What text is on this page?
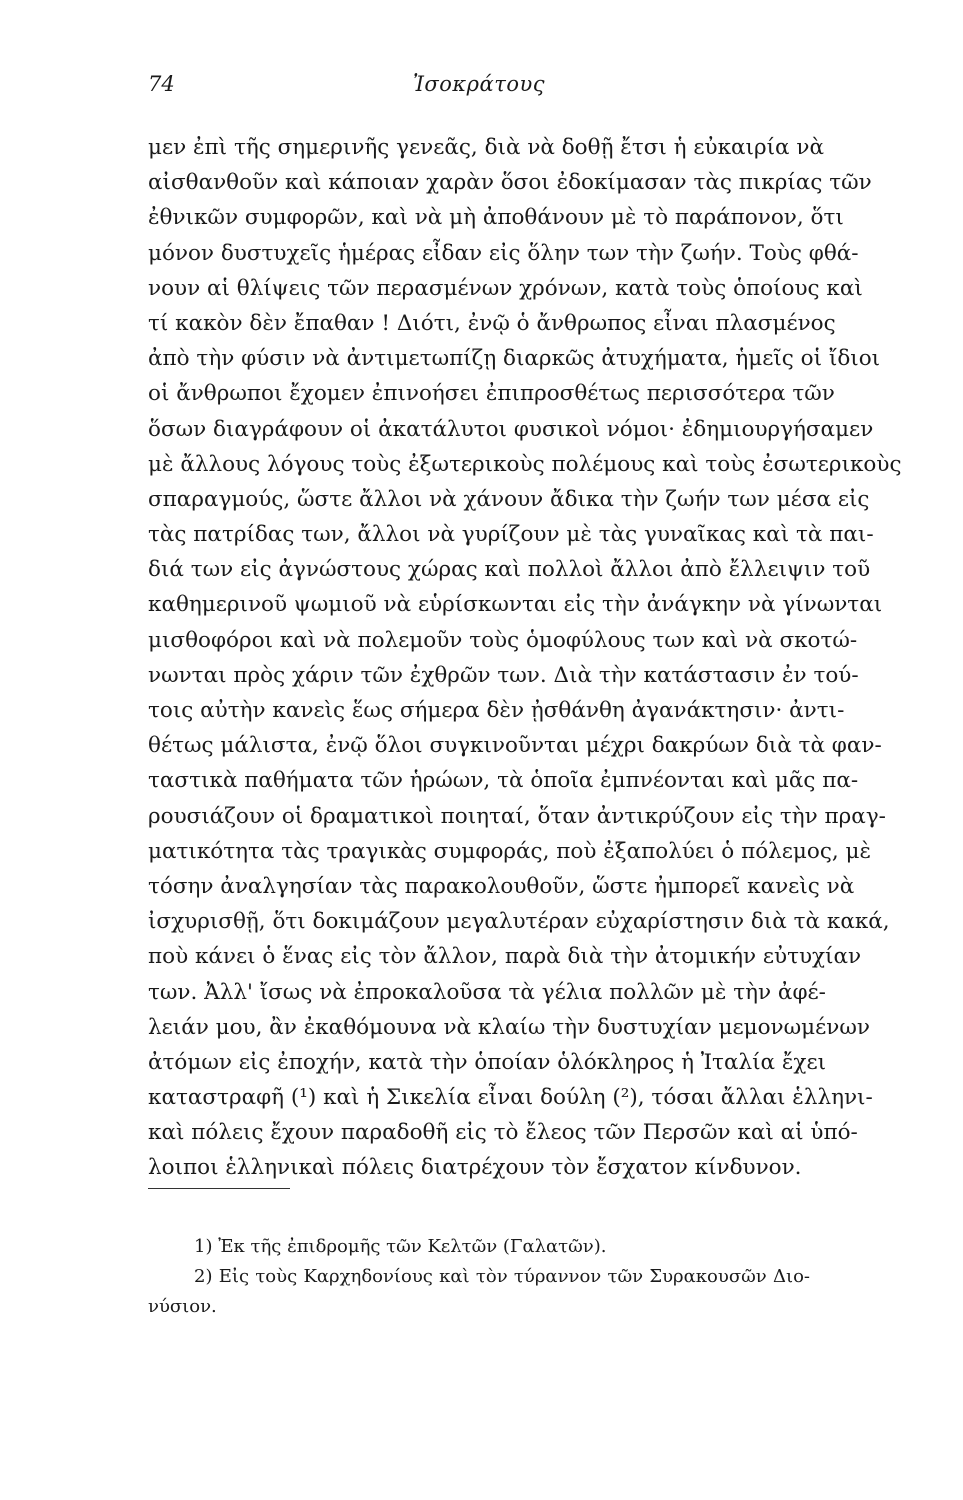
74	Ἰσοκράτους
μεν ἐπὶ τῆς σημερινῆς γενεᾶς, διὰ νὰ δοθῇ ἔτσι ἡ εὐκαιρία νὰ
αἰσθανθοῦν καὶ κάποιαν χαρὰν ὅσοι ἐδοκίμασαν τὰς πικρίας τῶν
ἐθνικῶν συμφορῶν, καὶ νὰ μὴ ἀποθάνουν μὲ τὸ παράπονον, ὅτι
μόνον δυστυχεῖς ἡμέρας εἶδαν εἰς ὅλην των τὴν ζωήν. Τοὺς φθά-
νουν αἱ θλίψεις τῶν περασμένων χρόνων, κατὰ τοὺς ὁποίους καὶ
τί κακὸν δὲν ἔπαθαν ! Διότι, ἐνῷ ὁ ἄνθρωπος εἶναι πλασμένος
ἀπὸ τὴν φύσιν νὰ ἀντιμετωπίζῃ διαρκῶς ἀτυχήματα, ἡμεῖς οἱ ἴδιοι
οἱ ἄνθρωποι ἔχομεν ἐπινοήσει ἐπιπροσθέτως περισσότερα τῶν
ὅσων διαγράφουν οἱ ἀκατάλυτοι φυσικοὶ νόμοι· ἐδημιουργήσαμεν
μὲ ἄλλους λόγους τοὺς ἐξωτερικοὺς πολέμους καὶ τοὺς ἐσωτερικοὺς
σπαραγμούς, ὥστε ἄλλοι νὰ χάνουν ἄδικα τὴν ζωήν των μέσα εἰς
τὰς πατρίδας των, ἄλλοι νὰ γυρίζουν μὲ τὰς γυναῖκας καὶ τὰ παι-
διά των εἰς ἀγνώστους χώρας καὶ πολλοὶ ἄλλοι ἀπὸ ἔλλειψιν τοῦ
καθημερινοῦ ψωμιοῦ νὰ εὑρίσκωνται εἰς τὴν ἀνάγκην νὰ γίνωνται
μισθοφόροι καὶ νὰ πολεμοῦν τοὺς ὁμοφύλους των καὶ νὰ σκοτώ-
νωνται πρὸς χάριν τῶν ἐχθρῶν των. Διὰ τὴν κατάστασιν ἐν τού-
τοις αὐτὴν κανεὶς ἕως σήμερα δὲν ᾐσθάνθη ἀγανάκτησιν· ἀντι-
θέτως μάλιστα, ἐνῷ ὅλοι συγκινοῦνται μέχρι δακρύων διὰ τὰ φαν-
ταστικὰ παθήματα τῶν ἡρώων, τὰ ὁποῖα ἐμπνέονται καὶ μᾶς πα-
ρουσιάζουν οἱ δραματικοὶ ποιηταί, ὅταν ἀντικρύζουν εἰς τὴν πραγ-
ματικότητα τὰς τραγικὰς συμφοράς, ποὺ ἐξαπολύει ὁ πόλεμος, μὲ
τόσην ἀναλγησίαν τὰς παρακολουθοῦν, ὥστε ἠμπορεῖ κανεὶς νὰ
ἰσχυρισθῇ, ὅτι δοκιμάζουν μεγαλυτέραν εὐχαρίστησιν διὰ τὰ κακά,
ποὺ κάνει ὁ ἕνας εἰς τὸν ἄλλον, παρὰ διὰ τὴν ἀτομικήν εὐτυχίαν
των. Ἀλλ' ἴσως νὰ ἐπροκαλοῦσα τὰ γέλια πολλῶν μὲ τὴν ἀφέ-
λειάν μου, ἂν ἐκαθόμουνα νὰ κλαίω τὴν δυστυχίαν μεμονωμένων
ἀτόμων εἰς ἐποχήν, κατὰ τὴν ὁποίαν ὁλόκληρος ἡ Ἰταλία ἔχει
καταστραφῆ (¹) καὶ ἡ Σικελία εἶναι δούλη (²), τόσαι ἄλλαι ἑλληνι-
καὶ πόλεις ἔχουν παραδοθῆ εἰς τὸ ἔλεος τῶν Περσῶν καὶ αἱ ὑπό-
λοιποι ἑλληνικαὶ πόλεις διατρέχουν τὸν ἔσχατον κίνδυνον.
1) Ἐκ τῆς ἐπιδρομῆς τῶν Κελτῶν (Γαλατῶν).
2) Εἰς τοὺς Καρχηδονίους καὶ τὸν τύραννον τῶν Συρακουσῶν Διο-
νύσιον.
